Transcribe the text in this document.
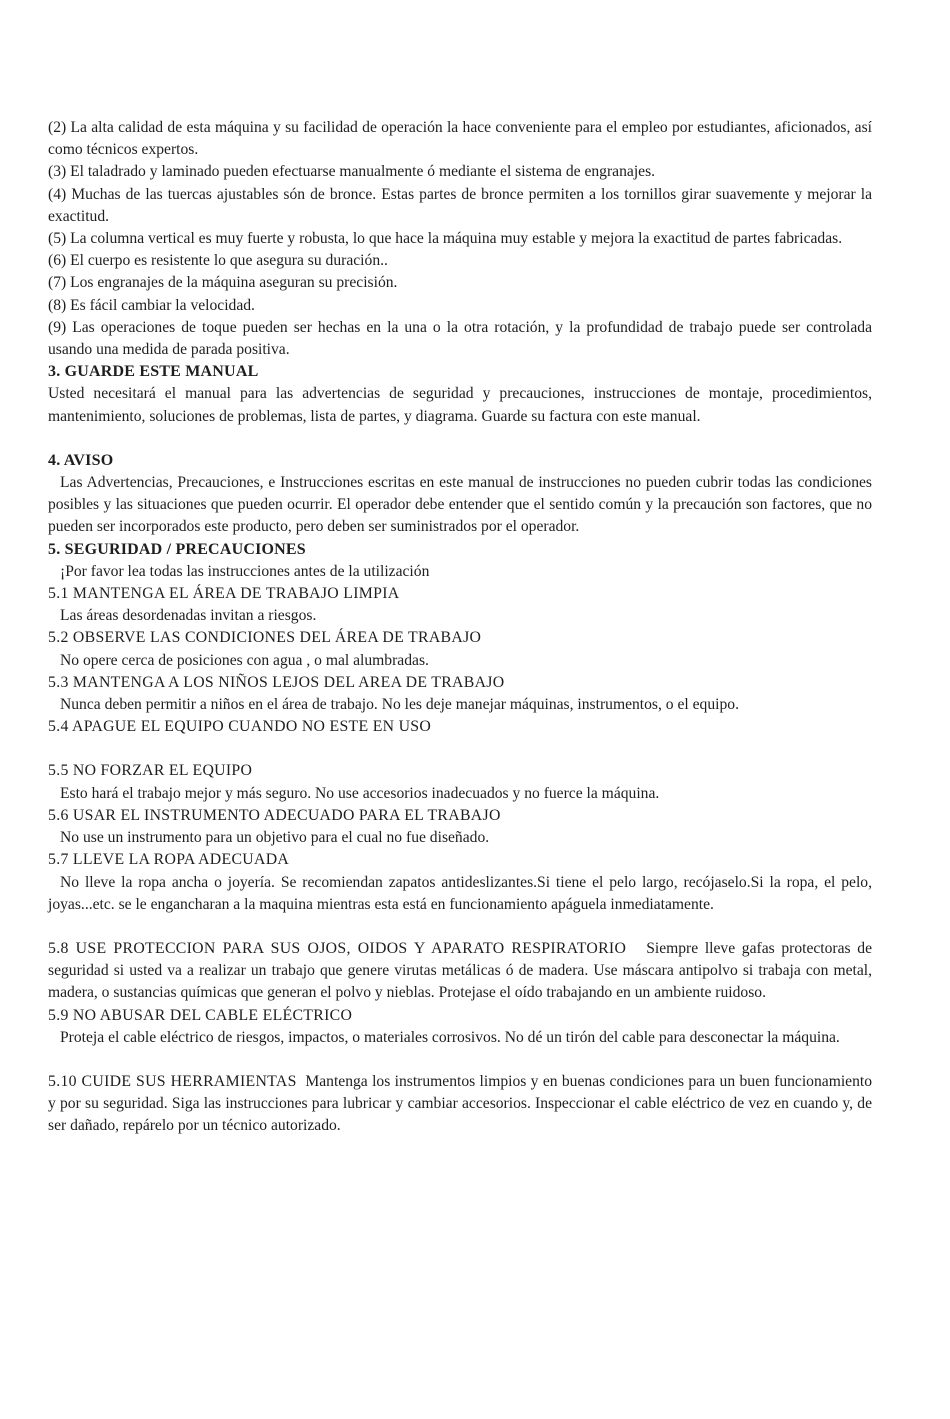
(2) La alta calidad de esta máquina y su facilidad de operación la hace conveniente para el empleo por estudiantes, aficionados, así como técnicos expertos.

(3) El taladrado y laminado pueden efectuarse manualmente ó mediante el sistema de engranajes.

(4) Muchas de las tuercas ajustables són de bronce. Estas partes de bronce permiten a los tornillos girar suavemente y mejorar la exactitud.

(5) La columna vertical es muy fuerte y robusta, lo que hace la máquina muy estable y mejora la exactitud de partes fabricadas.

(6) El cuerpo es resistente lo que asegura su duración..

(7) Los engranajes de la máquina aseguran su precisión.

(8) Es fácil cambiar la velocidad.

(9) Las operaciones de toque pueden ser hechas en la una o la otra rotación, y la profundidad de trabajo puede ser controlada usando una medida de parada positiva.

3. GUARDE ESTE MANUAL

Usted necesitará el manual para las advertencias de seguridad y precauciones, instrucciones de montaje, procedimientos, mantenimiento, soluciones de problemas, lista de partes, y diagrama. Guarde su factura con este manual.

4. AVISO

Las Advertencias, Precauciones, e Instrucciones escritas en este manual de instrucciones no pueden cubrir todas las condiciones posibles y las situaciones que pueden ocurrir. El operador debe entender que el sentido común y la precaución son factores, que no pueden ser incorporados este producto, pero deben ser suministrados por el operador.

5. SEGURIDAD / PRECAUCIONES

¡Por favor lea todas las instrucciones antes de la utilización

5.1 MANTENGA EL ÁREA DE TRABAJO LIMPIA

Las áreas desordenadas invitan a riesgos.

5.2 OBSERVE LAS CONDICIONES DEL ÁREA DE TRABAJO

No opere cerca de posiciones con agua , o mal alumbradas.

5.3 MANTENGA A LOS NIÑOS LEJOS DEL AREA DE TRABAJO

Nunca deben permitir a niños en el área de trabajo. No les deje manejar máquinas, instrumentos, o el equipo.

5.4 APAGUE EL EQUIPO CUANDO NO ESTE EN USO

5.5 NO FORZAR EL EQUIPO

Esto hará el trabajo mejor y más seguro. No use accesorios inadecuados y no fuerce la máquina.

5.6 USAR EL INSTRUMENTO ADECUADO PARA EL TRABAJO

No use un instrumento para un objetivo para el cual no fue diseñado.

5.7 LLEVE LA ROPA ADECUADA

No lleve la ropa ancha o joyería. Se recomiendan zapatos antideslizantes.Si tiene el pelo largo, recójaselo.Si la ropa, el pelo, joyas...etc. se le engancharan a la maquina mientras esta está en funcionamiento apáguela inmediatamente.

5.8 USE PROTECCION PARA SUS OJOS, OIDOS Y APARATO RESPIRATORIO Siempre lleve gafas protectoras de seguridad si usted va a realizar un trabajo que genere virutas metálicas ó de madera. Use máscara antipolvo si trabaja con metal, madera, o sustancias químicas que generan el polvo y nieblas. Protejase el oído trabajando en un ambiente ruidoso.

5.9 NO ABUSAR DEL CABLE ELÉCTRICO

Proteja el cable eléctrico de riesgos, impactos, o materiales corrosivos. No dé un tirón del cable para desconectar la máquina.

5.10 CUIDE SUS HERRAMIENTAS Mantenga los instrumentos limpios y en buenas condiciones para un buen funcionamiento y por su seguridad. Siga las instrucciones para lubricar y cambiar accesorios. Inspeccionar el cable eléctrico de vez en cuando y, de ser dañado, repárelo por un técnico autorizado.
